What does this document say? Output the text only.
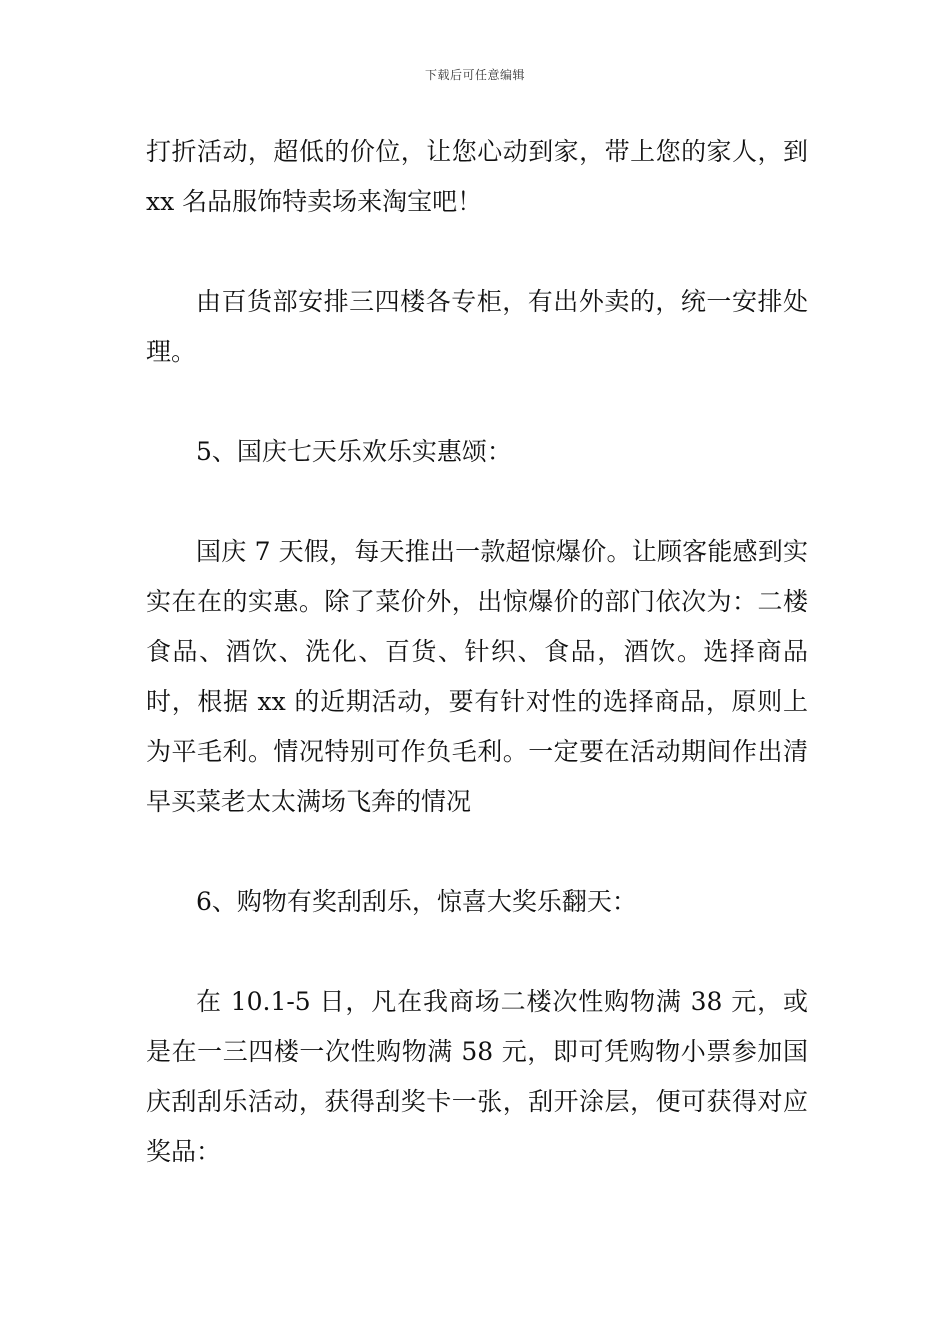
下载后可任意编辑

打折活动，超低的价位，让您心动到家，带上您的家人，到 xx 名品服饰特卖场来淘宝吧！

由百货部安排三四楼各专柜，有出外卖的，统一安排处理。

5、国庆七天乐欢乐实惠颂：

国庆 7 天假，每天推出一款超惊爆价。让顾客能感到实实在在的实惠。除了菜价外，出惊爆价的部门依次为：二楼食品、酒饮、洗化、百货、针织、食品，酒饮。选择商品时，根据 xx 的近期活动，要有针对性的选择商品，原则上为平毛利。情况特别可作负毛利。一定要在活动期间作出清早买菜老太太满场飞奔的情况

6、购物有奖刮刮乐，惊喜大奖乐翻天：

在 10.1-5 日，凡在我商场二楼次性购物满 38 元，或是在一三四楼一次性购物满 58 元，即可凭购物小票参加国庆刮刮乐活动，获得刮奖卡一张，刮开涂层，便可获得对应奖品：
